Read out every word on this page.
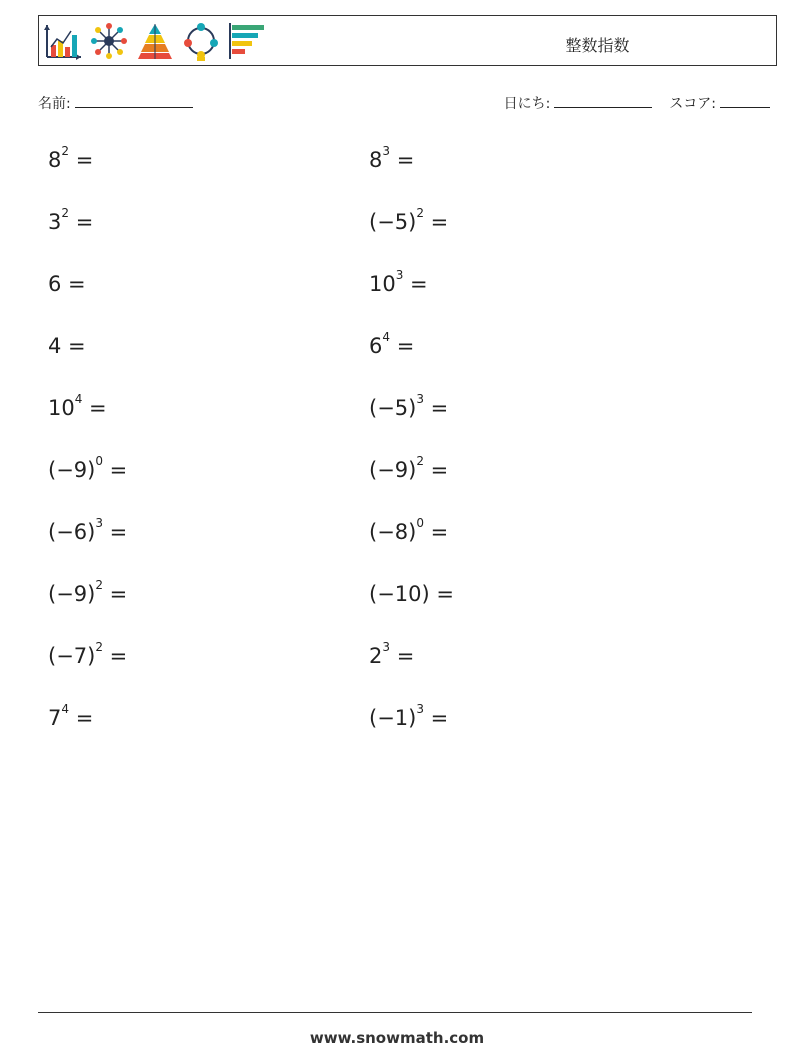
整数指数
名前:	日にち:	スコア:
$8^2$ =
$3^2$ =
6 =
4 =
$10^4$ =
$(-9)^0$ =
$(-6)^3$ =
$(-9)^2$ =
$(-7)^2$ =
$7^4$ =
$8^3$ =
$(-5)^2$ =
$10^3$ =
$6^4$ =
$(-5)^3$ =
$(-9)^2$ =
$(-8)^0$ =
(−10) =
$2^3$ =
$(-1)^3$ =
www.snowmath.com
